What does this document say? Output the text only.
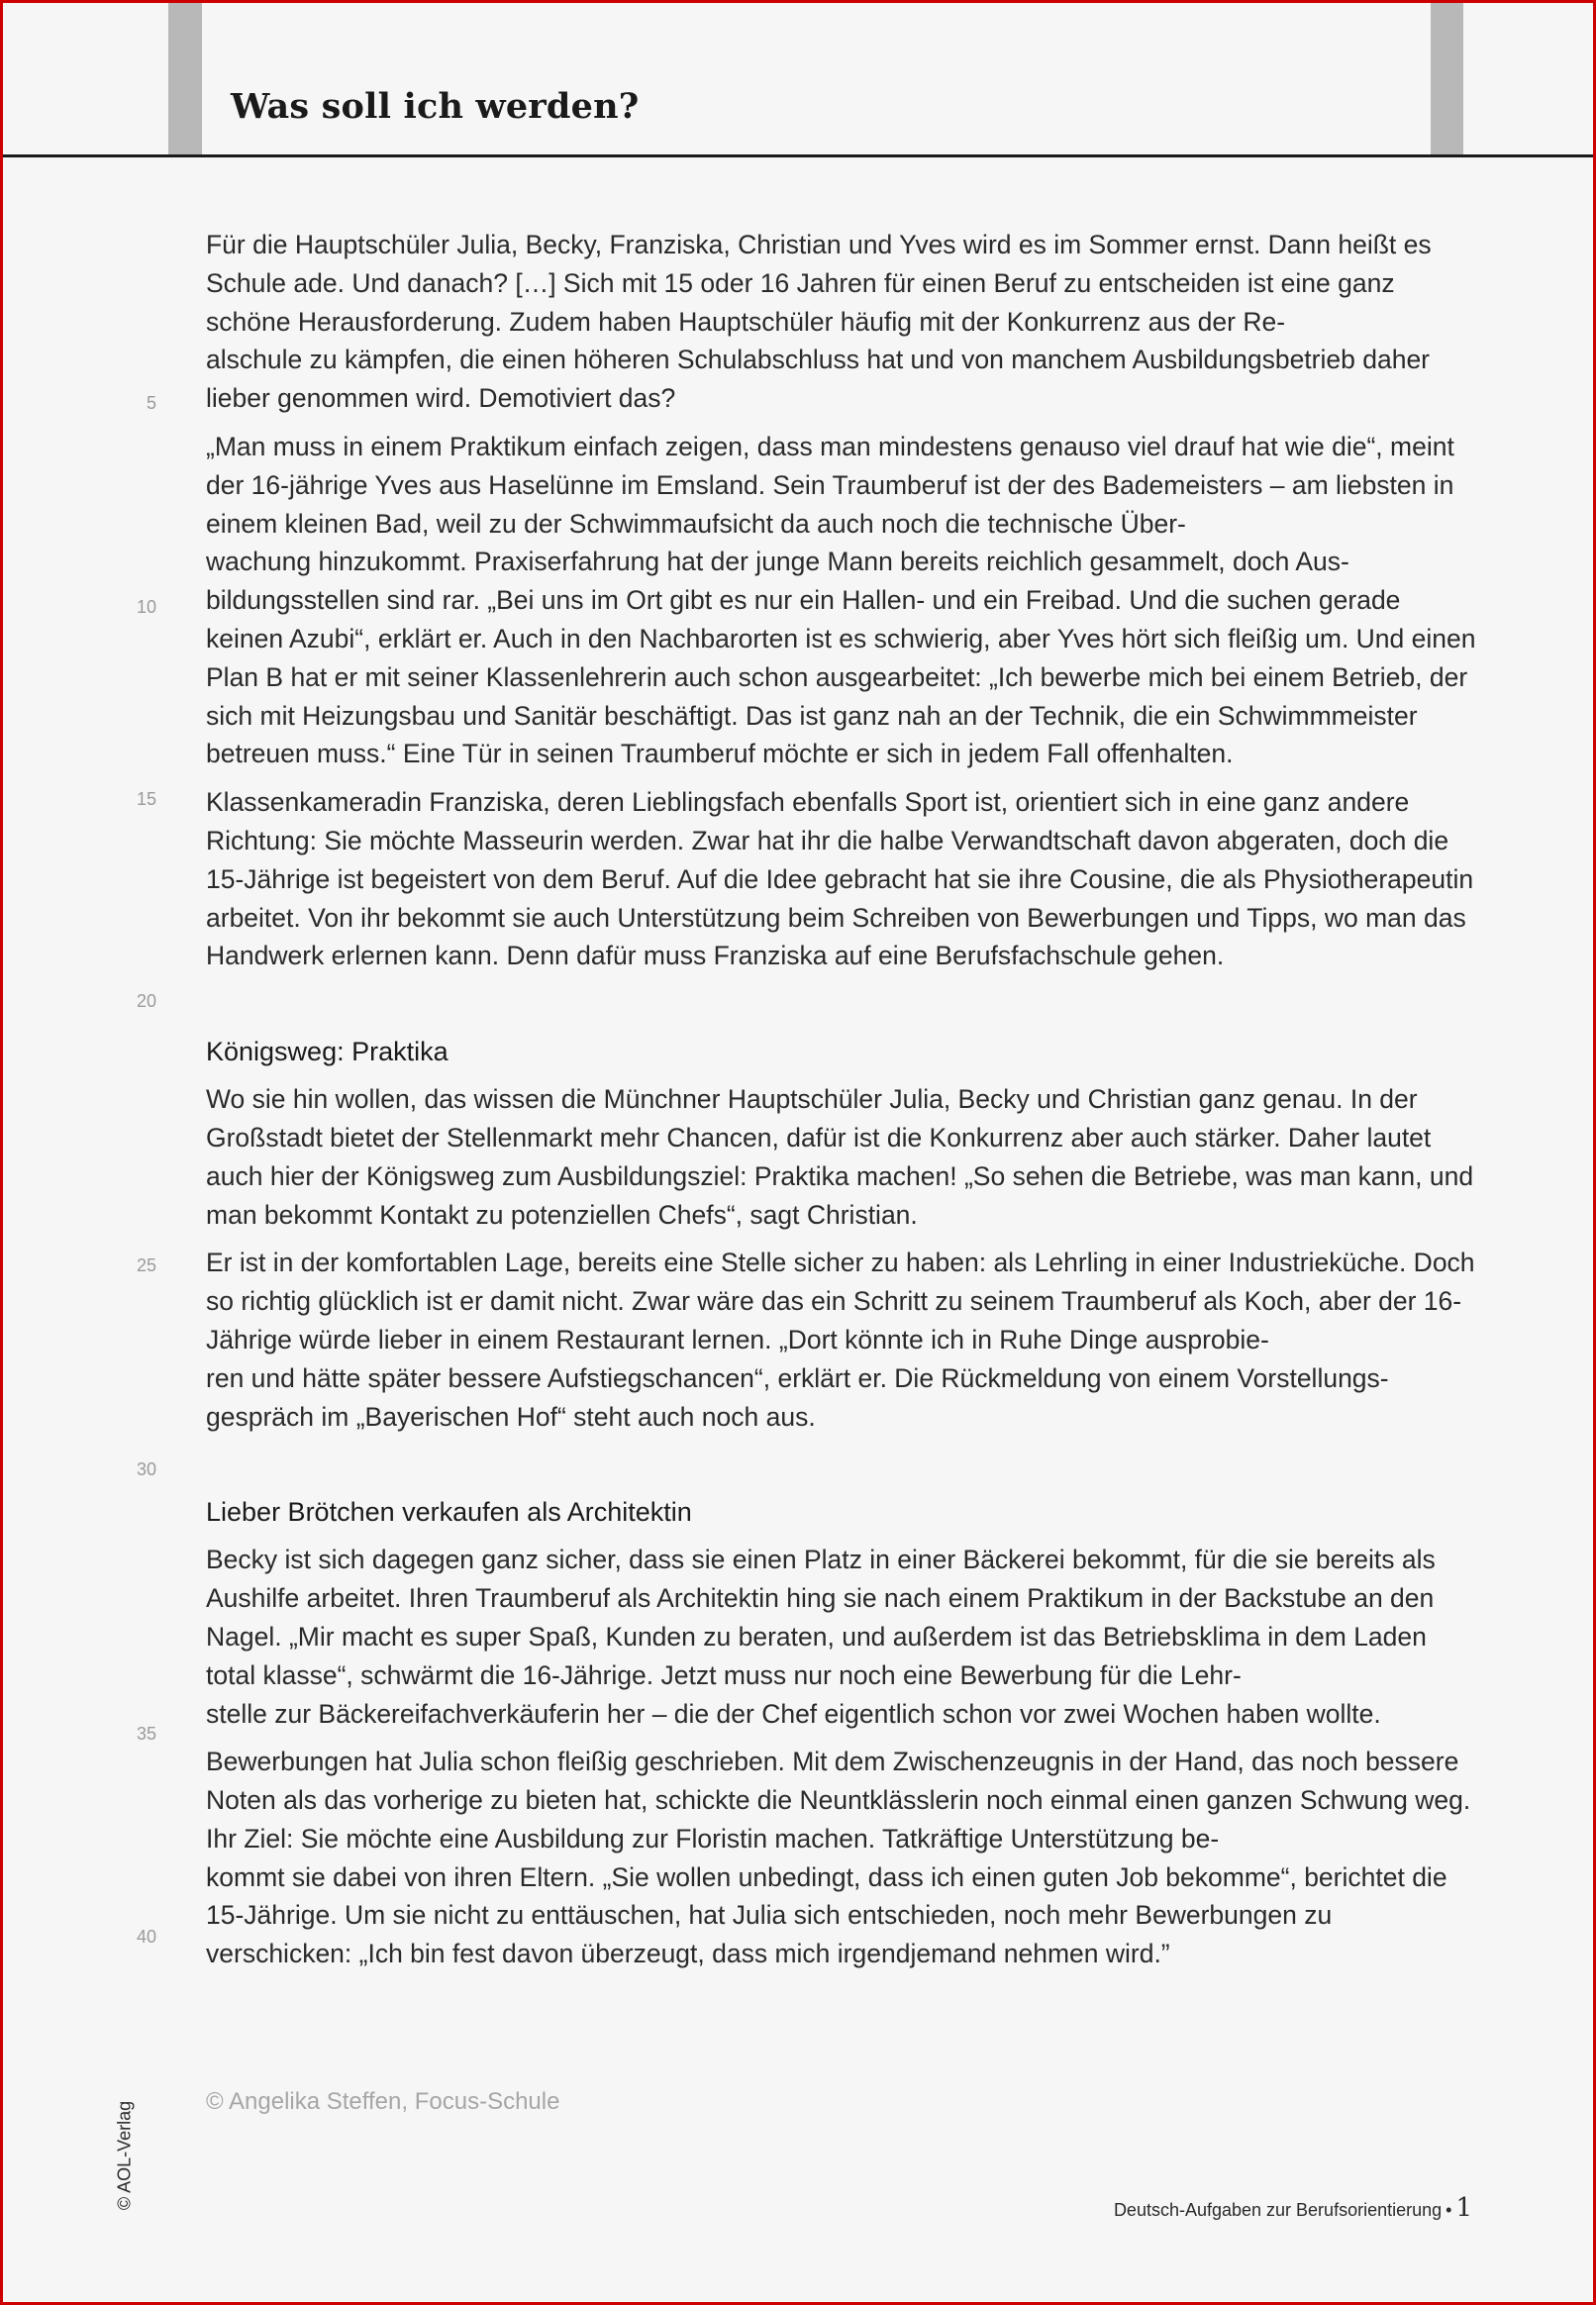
Was soll ich werden?
5
10
15
20
25
30
35
40

Für die Hauptschüler Julia, Becky, Franziska, Christian und Yves wird es im Sommer ernst. Dann heißt es Schule ade. Und danach? […] Sich mit 15 oder 16 Jahren für einen Beruf zu entscheiden ist eine ganz schöne Herausforderung. Zudem haben Hauptschüler häufig mit der Konkurrenz aus der Re-
alschule zu kämpfen, die einen höheren Schulabschluss hat und von manchem Ausbildungsbetrieb daher lieber genommen wird. Demotiviert das?

„Man muss in einem Praktikum einfach zeigen, dass man mindestens genauso viel drauf hat wie die“, meint der 16-jährige Yves aus Haselünne im Emsland. Sein Traumberuf ist der des Bademeisters – am liebsten in einem kleinen Bad, weil zu der Schwimmaufsicht da auch noch die technische Über-
wachung hinzukommt. Praxiserfahrung hat der junge Mann bereits reichlich gesammelt, doch Aus-
bildungsstellen sind rar. „Bei uns im Ort gibt es nur ein Hallen- und ein Freibad. Und die suchen gerade keinen Azubi“, erklärt er. Auch in den Nachbarorten ist es schwierig, aber Yves hört sich fleißig um. Und einen Plan B hat er mit seiner Klassenlehrerin auch schon ausgearbeitet: „Ich bewerbe mich bei einem Betrieb, der sich mit Heizungsbau und Sanitär beschäftigt. Das ist ganz nah an der Technik, die ein Schwimmmeister betreuen muss.“ Eine Tür in seinen Traumberuf möchte er sich in jedem Fall offenhalten.

Klassenkameradin Franziska, deren Lieblingsfach ebenfalls Sport ist, orientiert sich in eine ganz andere Richtung: Sie möchte Masseurin werden. Zwar hat ihr die halbe Verwandtschaft davon abgeraten, doch die 15-Jährige ist begeistert von dem Beruf. Auf die Idee gebracht hat sie ihre Cousine, die als Physiotherapeutin arbeitet. Von ihr bekommt sie auch Unterstützung beim Schreiben von Bewerbungen und Tipps, wo man das Handwerk erlernen kann. Denn dafür muss Franziska auf eine Berufsfachschule gehen.

Königsweg: Praktika

Wo sie hin wollen, das wissen die Münchner Hauptschüler Julia, Becky und Christian ganz genau. In der Großstadt bietet der Stellenmarkt mehr Chancen, dafür ist die Konkurrenz aber auch stärker. Daher lautet auch hier der Königsweg zum Ausbildungsziel: Praktika machen! „So sehen die Betriebe, was man kann, und man bekommt Kontakt zu potenziellen Chefs“, sagt Christian.

Er ist in der komfortablen Lage, bereits eine Stelle sicher zu haben: als Lehrling in einer Industrieküche. Doch so richtig glücklich ist er damit nicht. Zwar wäre das ein Schritt zu seinem Traumberuf als Koch, aber der 16-Jährige würde lieber in einem Restaurant lernen. „Dort könnte ich in Ruhe Dinge ausprobie-
ren und hätte später bessere Aufstiegschancen“, erklärt er. Die Rückmeldung von einem Vorstellungs-
gespräch im „Bayerischen Hof“ steht auch noch aus.

Lieber Brötchen verkaufen als Architektin

Becky ist sich dagegen ganz sicher, dass sie einen Platz in einer Bäckerei bekommt, für die sie bereits als Aushilfe arbeitet. Ihren Traumberuf als Architektin hing sie nach einem Praktikum in der Backstube an den Nagel. „Mir macht es super Spaß, Kunden zu beraten, und außerdem ist das Betriebsklima in dem Laden total klasse“, schwärmt die 16-Jährige. Jetzt muss nur noch eine Bewerbung für die Lehr-
stelle zur Bäckereifachverkäuferin her – die der Chef eigentlich schon vor zwei Wochen haben wollte.

Bewerbungen hat Julia schon fleißig geschrieben. Mit dem Zwischenzeugnis in der Hand, das noch bessere Noten als das vorherige zu bieten hat, schickte die Neuntklässlerin noch einmal einen ganzen Schwung weg. Ihr Ziel: Sie möchte eine Ausbildung zur Floristin machen. Tatkräftige Unterstützung be-
kommt sie dabei von ihren Eltern. „Sie wollen unbedingt, dass ich einen guten Job bekomme“, berichtet die 15-Jährige. Um sie nicht zu enttäuschen, hat Julia sich entschieden, noch mehr Bewerbungen zu verschicken: „Ich bin fest davon überzeugt, dass mich irgendjemand nehmen wird.”

© Angelika Steffen, Focus-Schule

© AOL-Verlag	Deutsch-Aufgaben zur Berufsorientierung • 1
